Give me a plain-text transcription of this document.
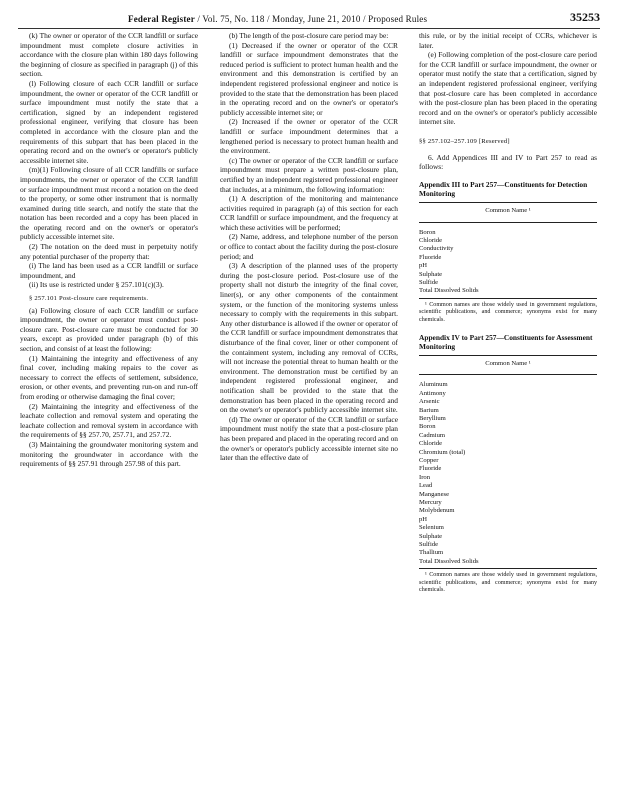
Federal Register / Vol. 75, No. 118 / Monday, June 21, 2010 / Proposed Rules	35253

(k) The owner or operator of the CCR landfill or surface impoundment must complete closure activities in accordance with the closure plan within 180 days following the beginning of closure as specified in paragraph (j) of this section.

(l) Following closure of each CCR landfill or surface impoundment, the owner or operator of the CCR landfill or surface impoundment must notify the state that a certification, signed by an independent registered professional engineer, verifying that closure has been completed in accordance with the closure plan and the requirements of this subpart that has been placed in the operating record and on the owner's or operator's publicly accessible internet site.

(m)(1) Following closure of all CCR landfills or surface impoundments, the owner or operator of the CCR landfill or surface impoundment must record a notation on the deed to the property, or some other instrument that is normally examined during title search, and notify the state that the notation has been recorded and a copy has been placed in the operating record and on the owner's or operator's publicly accessible internet site.

(2) The notation on the deed must in perpetuity notify any potential purchaser of the property that:

(i) The land has been used as a CCR landfill or surface impoundment, and

(ii) Its use is restricted under § 257.101(c)(3).

§ 257.101 Post-closure care requirements.

(a) Following closure of each CCR landfill or surface impoundment, the owner or operator must conduct post-closure care. Post-closure care must be conducted for 30 years, except as provided under paragraph (b) of this section, and consist of at least the following:

(1) Maintaining the integrity and effectiveness of any final cover, including making repairs to the cover as necessary to correct the effects of settlement, subsidence, erosion, or other events, and preventing run-on and run-off from eroding or otherwise damaging the final cover;

(2) Maintaining the integrity and effectiveness of the leachate collection and removal system and operating the leachate collection and removal system in accordance with the requirements of §§ 257.70, 257.71, and 257.72.

(3) Maintaining the groundwater monitoring system and monitoring the groundwater in accordance with the requirements of §§ 257.91 through 257.98 of this part.

(b) The length of the post-closure care period may be:

(1) Decreased if the owner or operator of the CCR landfill or surface impoundment demonstrates that the reduced period is sufficient to protect human health and the environment and this demonstration is certified by an independent registered professional engineer and notice is provided to the state that the demonstration has been placed in the operating record and on the owner's or operator's publicly accessible internet site; or

(2) Increased if the owner or operator of the CCR landfill or surface impoundment determines that a lengthened period is necessary to protect human health and the environment.

(c) The owner or operator of the CCR landfill or surface impoundment must prepare a written post-closure plan, certified by an independent registered professional engineer that includes, at a minimum, the following information:

(1) A description of the monitoring and maintenance activities required in paragraph (a) of this section for each CCR landfill or surface impoundment, and the frequency at which these activities will be performed;

(2) Name, address, and telephone number of the person or office to contact about the facility during the post-closure period; and

(3) A description of the planned uses of the property during the post-closure period. Post-closure use of the property shall not disturb the integrity of the final cover, liner(s), or any other components of the containment system, or the function of the monitoring systems unless necessary to comply with the requirements in this subpart. Any other disturbance is allowed if the owner or operator of the CCR landfill or surface impoundment demonstrates that disturbance of the final cover, liner or other component of the containment system, including any removal of CCRs, will not increase the potential threat to human health or the environment. The demonstration must be certified by an independent registered professional engineer, and notification shall be provided to the state that the demonstration has been placed in the operating record and on the owner's or operator's publicly accessible internet site.

(d) The owner or operator of the CCR landfill or surface impoundment must notify the state that a post-closure plan has been prepared and placed in the operating record and on the owner's or operator's publicly accessible internet site no later than the effective date of

this rule, or by the initial receipt of CCRs, whichever is later.

(e) Following completion of the post-closure care period for the CCR landfill or surface impoundment, the owner or operator must notify the state that a certification, signed by an independent registered professional engineer, verifying that post-closure care has been completed in accordance with the post-closure plan has been placed in the operating record and on the owner's or operator's publicly accessible internet site.

§§ 257.102–257.109 [Reserved]

6. Add Appendices III and IV to Part 257 to read as follows:

Appendix III to Part 257—Constituents for Detection Monitoring
Common Name ¹
Boron
Chloride
Conductivity
Fluoride
pH
Sulphate
Sulfide
Total Dissolved Solids

¹ Common names are those widely used in government regulations, scientific publications, and commerce; synonyms exist for many chemicals.

Appendix IV to Part 257—Constituents for Assessment Monitoring
Common Name ¹
Aluminum
Antimony
Arsenic
Barium
Beryllium
Boron
Cadmium
Chloride
Chromium (total)
Copper
Fluoride
Iron
Lead
Manganese
Mercury
Molybdenum
pH
Selenium
Sulphate
Sulfide
Thallium
Total Dissolved Solids

¹ Common names are those widely used in government regulations, scientific publications, and commerce; synonyms exist for many chemicals.
